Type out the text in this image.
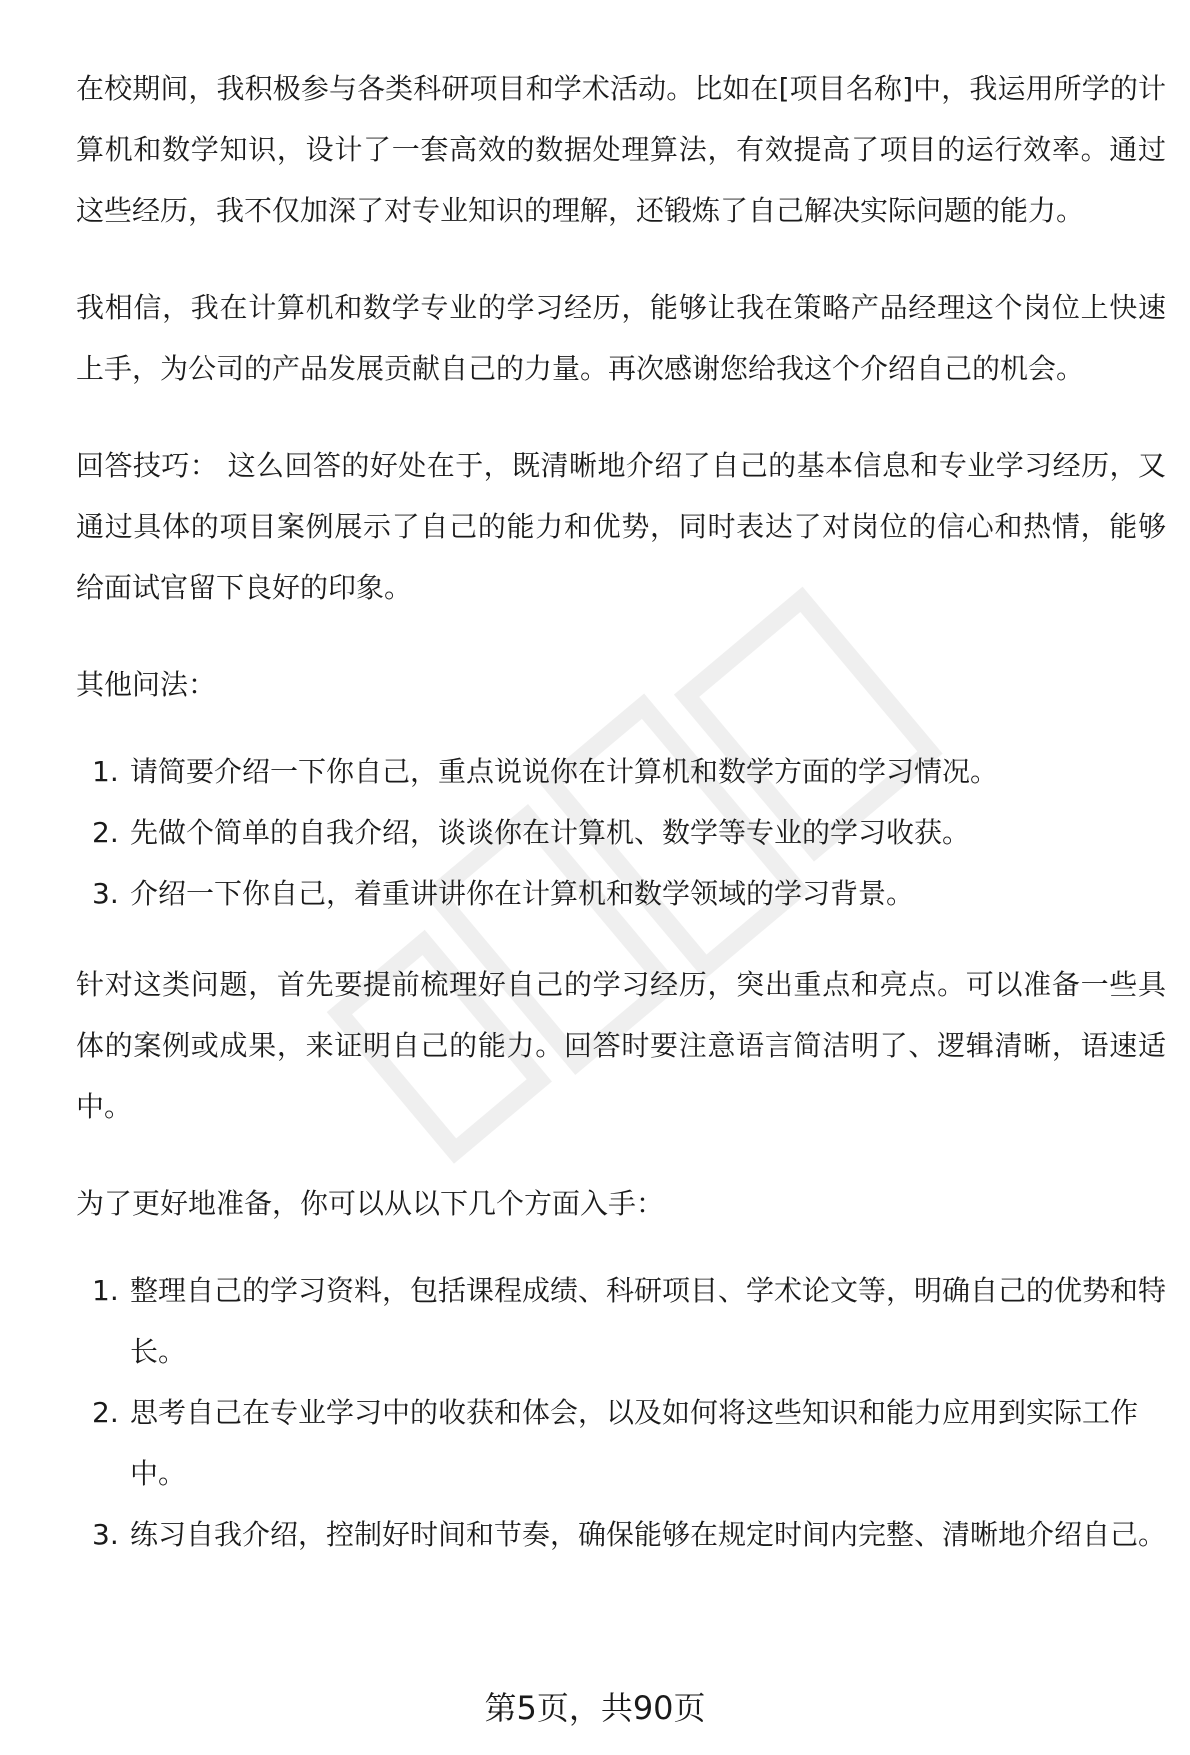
在校期间，我积极参与各类科研项目和学术活动。比如在[项目名称]中，我运用所学的计算机和数学知识，设计了一套高效的数据处理算法，有效提高了项目的运行效率。通过这些经历，我不仅加深了对专业知识的理解，还锻炼了自己解决实际问题的能力。

我相信，我在计算机和数学专业的学习经历，能够让我在策略产品经理这个岗位上快速上手，为公司的产品发展贡献自己的力量。再次感谢您给我这个介绍自己的机会。

回答技巧： 这么回答的好处在于，既清晰地介绍了自己的基本信息和专业学习经历，又通过具体的项目案例展示了自己的能力和优势，同时表达了对岗位的信心和热情，能够给面试官留下良好的印象。

其他问法：

1. 请简要介绍一下你自己，重点说说你在计算机和数学方面的学习情况。
2. 先做个简单的自我介绍，谈谈你在计算机、数学等专业的学习收获。
3. 介绍一下你自己，着重讲讲你在计算机和数学领域的学习背景。

针对这类问题，首先要提前梳理好自己的学习经历，突出重点和亮点。可以准备一些具体的案例或成果，来证明自己的能力。回答时要注意语言简洁明了、逻辑清晰，语速适中。

为了更好地准备，你可以从以下几个方面入手：

1. 整理自己的学习资料，包括课程成绩、科研项目、学术论文等，明确自己的优势和特长。
2. 思考自己在专业学习中的收获和体会，以及如何将这些知识和能力应用到实际工作中。
3. 练习自我介绍，控制好时间和节奏，确保能够在规定时间内完整、清晰地介绍自己。
第5页，共90页
